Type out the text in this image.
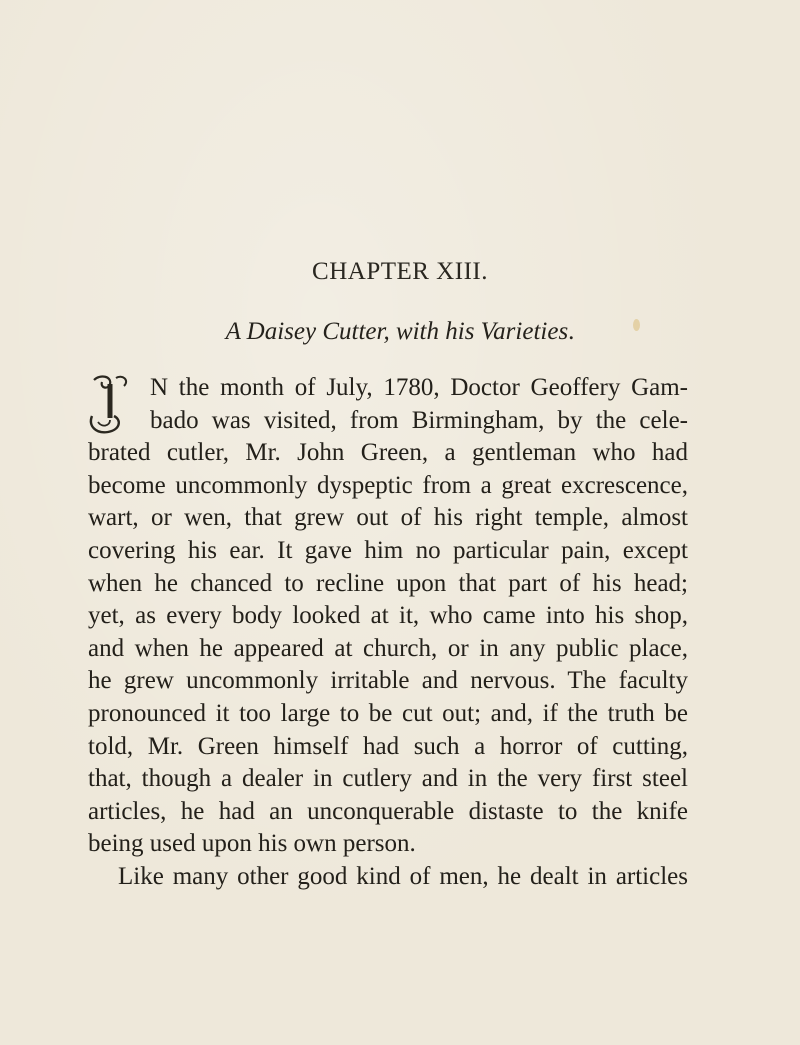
CHAPTER XIII.
A Daisey Cutter, with his Varieties.
N the month of July, 1780, Doctor Geoffery Gam-
bado was visited, from Birmingham, by the cele-
brated cutler, Mr. John Green, a gentleman who had
become uncommonly dyspeptic from a great excrescence,
wart, or wen, that grew out of his right temple, almost
covering his ear. It gave him no particular pain, except
when he chanced to recline upon that part of his head;
yet, as every body looked at it, who came into his shop,
and when he appeared at church, or in any public place,
he grew uncommonly irritable and nervous. The faculty
pronounced it too large to be cut out; and, if the truth be
told, Mr. Green himself had such a horror of cutting,
that, though a dealer in cutlery and in the very first steel
articles, he had an unconquerable distaste to the knife
being used upon his own person.
Like many other good kind of men, he dealt in articles
